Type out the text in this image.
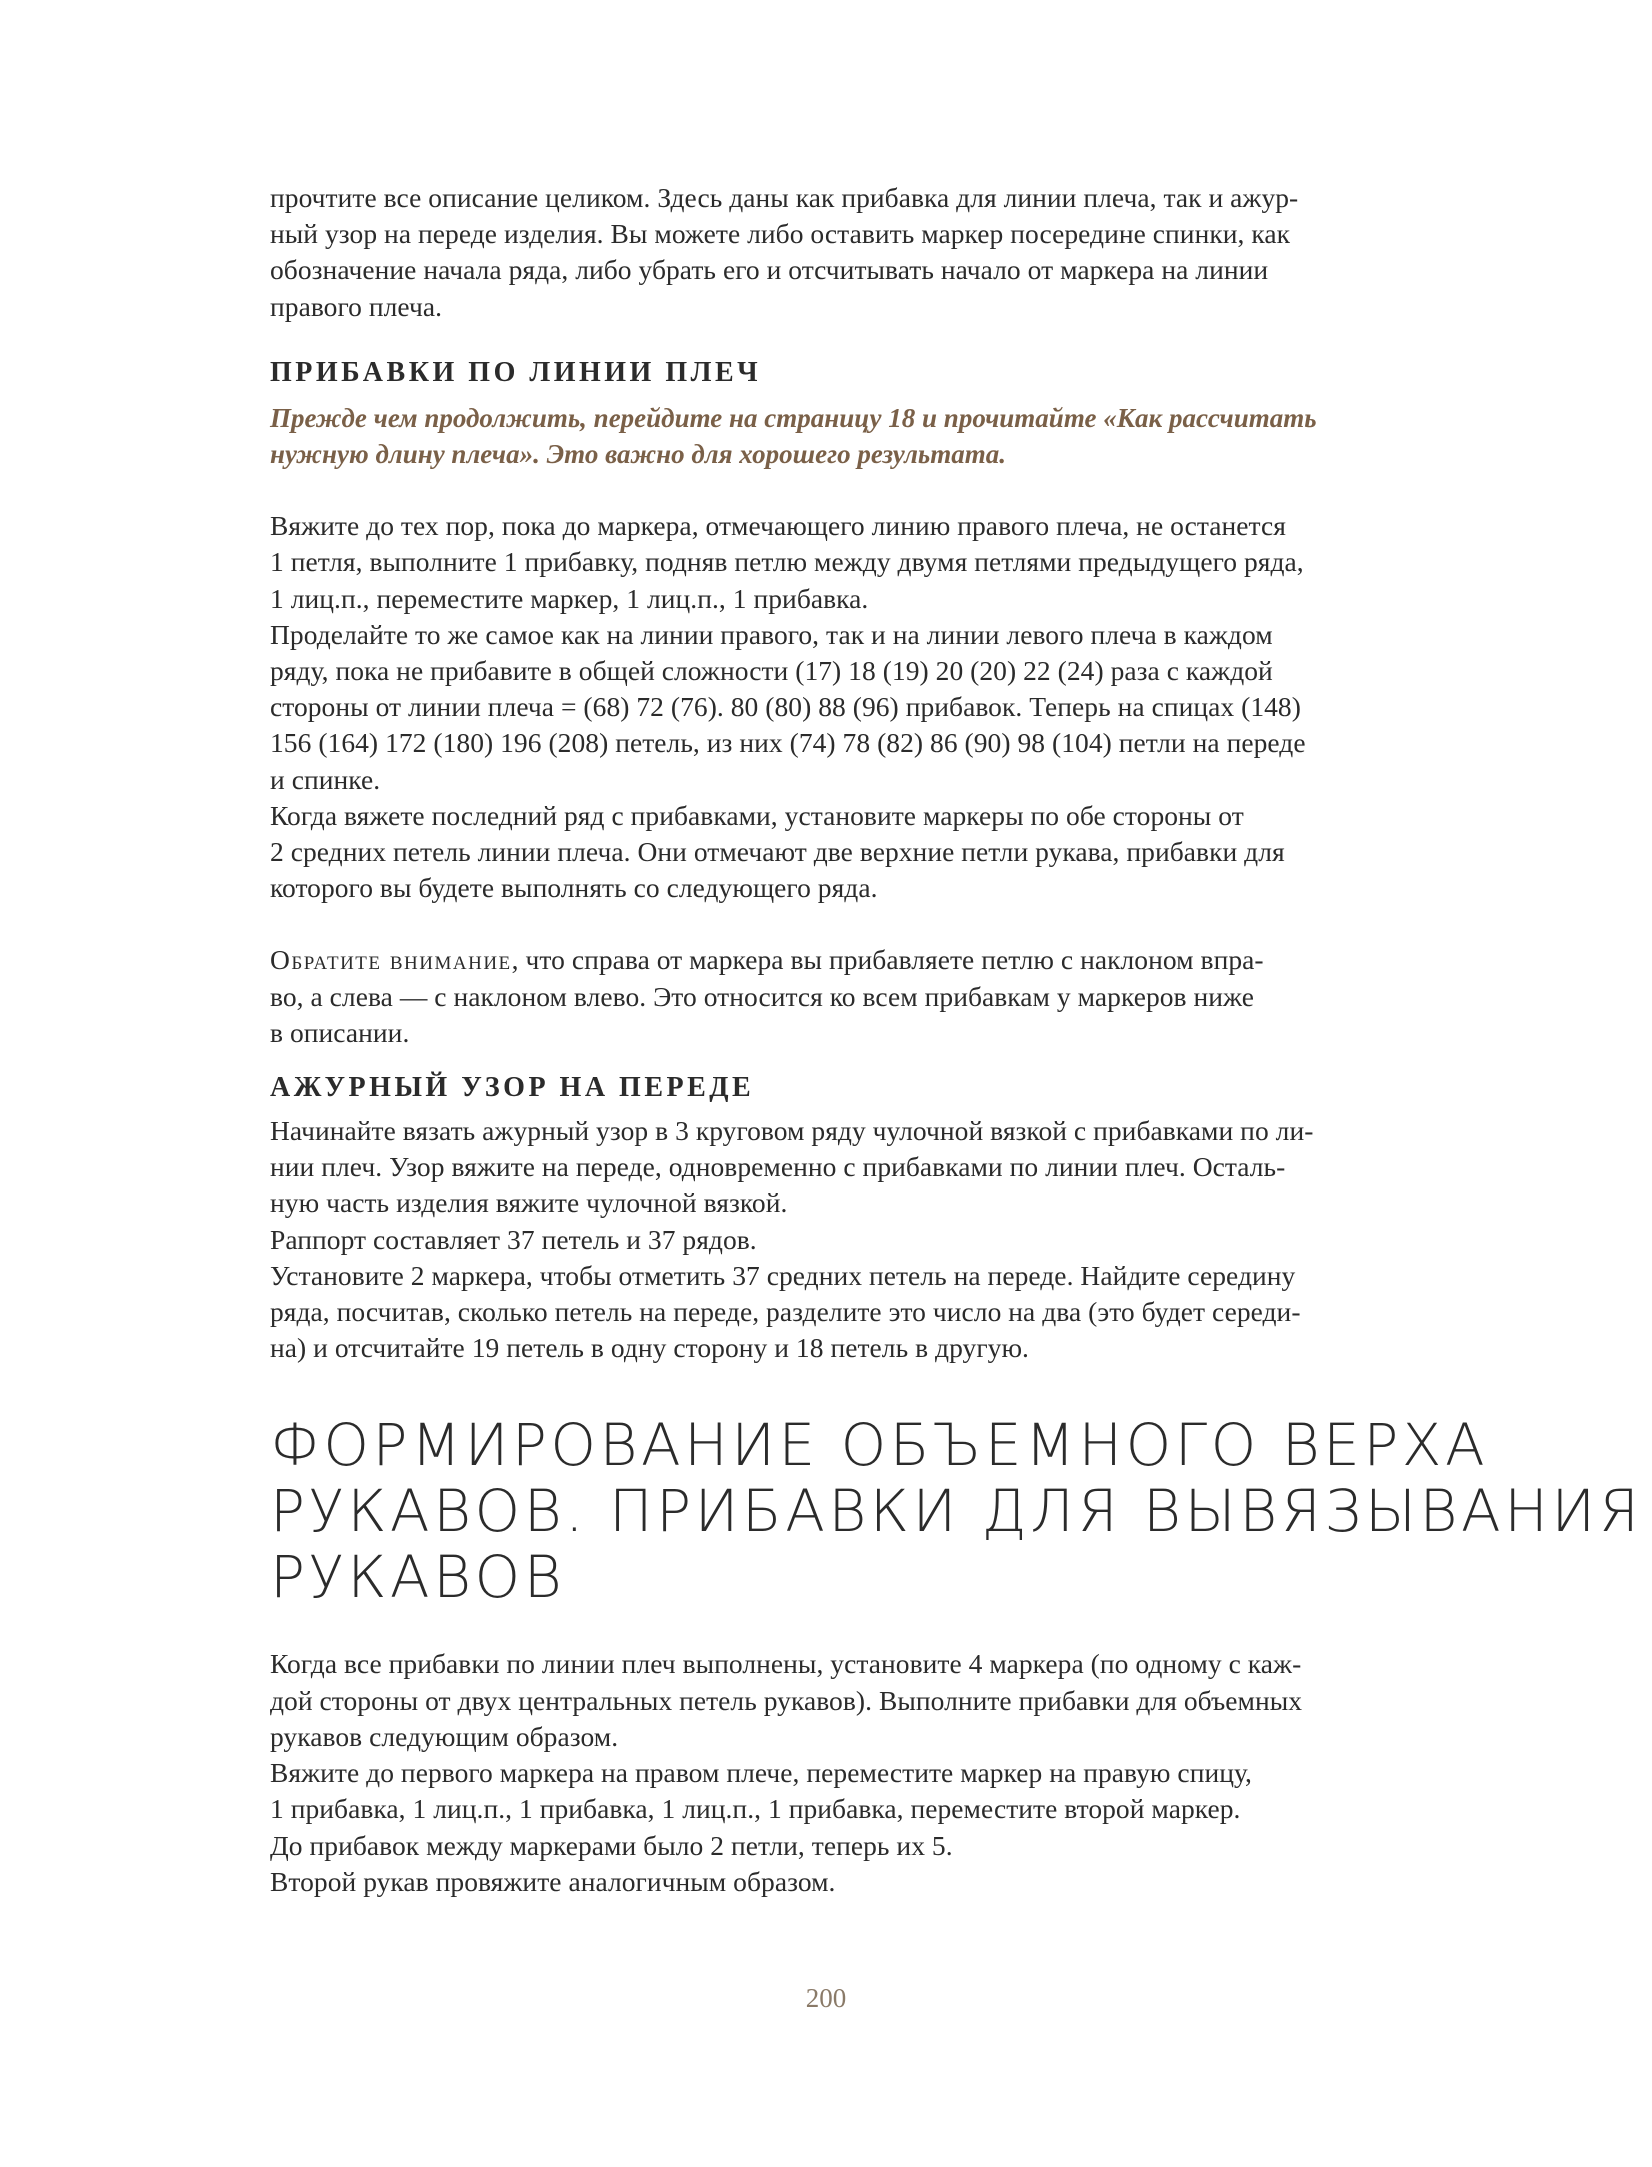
прочтите все описание целиком. Здесь даны как прибавка для линии плеча, так и ажур-
ный узор на переде изделия. Вы можете либо оставить маркер посередине спинки, как
обозначение начала ряда, либо убрать его и отсчитывать начало от маркера на линии
правого плеча.

ПРИБАВКИ ПО ЛИНИИ ПЛЕЧ

Прежде чем продолжить, перейдите на страницу 18 и прочитайте «Как рассчитать
нужную длину плеча». Это важно для хорошего результата.

Вяжите до тех пор, пока до маркера, отмечающего линию правого плеча, не останется
1 петля, выполните 1 прибавку, подняв петлю между двумя петлями предыдущего ряда,
1 лиц.п., переместите маркер, 1 лиц.п., 1 прибавка.
Проделайте то же самое как на линии правого, так и на линии левого плеча в каждом
ряду, пока не прибавите в общей сложности (17) 18 (19) 20 (20) 22 (24) раза с каждой
стороны от линии плеча = (68) 72 (76). 80 (80) 88 (96) прибавок. Теперь на спицах (148)
156 (164) 172 (180) 196 (208) петель, из них (74) 78 (82) 86 (90) 98 (104) петли на переде
и спинке.
Когда вяжете последний ряд с прибавками, установите маркеры по обе стороны от
2 средних петель линии плеча. Они отмечают две верхние петли рукава, прибавки для
которого вы будете выполнять со следующего ряда.

Обратите внимание, что справа от маркера вы прибавляете петлю с наклоном впра-
во, а слева — с наклоном влево. Это относится ко всем прибавкам у маркеров ниже
в описании.

АЖУРНЫЙ УЗОР НА ПЕРЕДЕ

Начинайте вязать ажурный узор в 3 круговом ряду чулочной вязкой с прибавками по ли-
нии плеч. Узор вяжите на переде, одновременно с прибавками по линии плеч. Осталь-
ную часть изделия вяжите чулочной вязкой.
Раппорт составляет 37 петель и 37 рядов.
Установите 2 маркера, чтобы отметить 37 средних петель на переде. Найдите середину
ряда, посчитав, сколько петель на переде, разделите это число на два (это будет середи-
на) и отсчитайте 19 петель в одну сторону и 18 петель в другую.

ФОРМИРОВАНИЕ ОБЪЕМНОГО ВЕРХА
РУКАВОВ. ПРИБАВКИ ДЛЯ ВЫВЯЗЫВАНИЯ
РУКАВОВ

Когда все прибавки по линии плеч выполнены, установите 4 маркера (по одному с каж-
дой стороны от двух центральных петель рукавов). Выполните прибавки для объемных
рукавов следующим образом.
Вяжите до первого маркера на правом плече, переместите маркер на правую спицу,
1 прибавка, 1 лиц.п., 1 прибавка, 1 лиц.п., 1 прибавка, переместите второй маркер.
До прибавок между маркерами было 2 петли, теперь их 5.
Второй рукав провяжите аналогичным образом.

200
